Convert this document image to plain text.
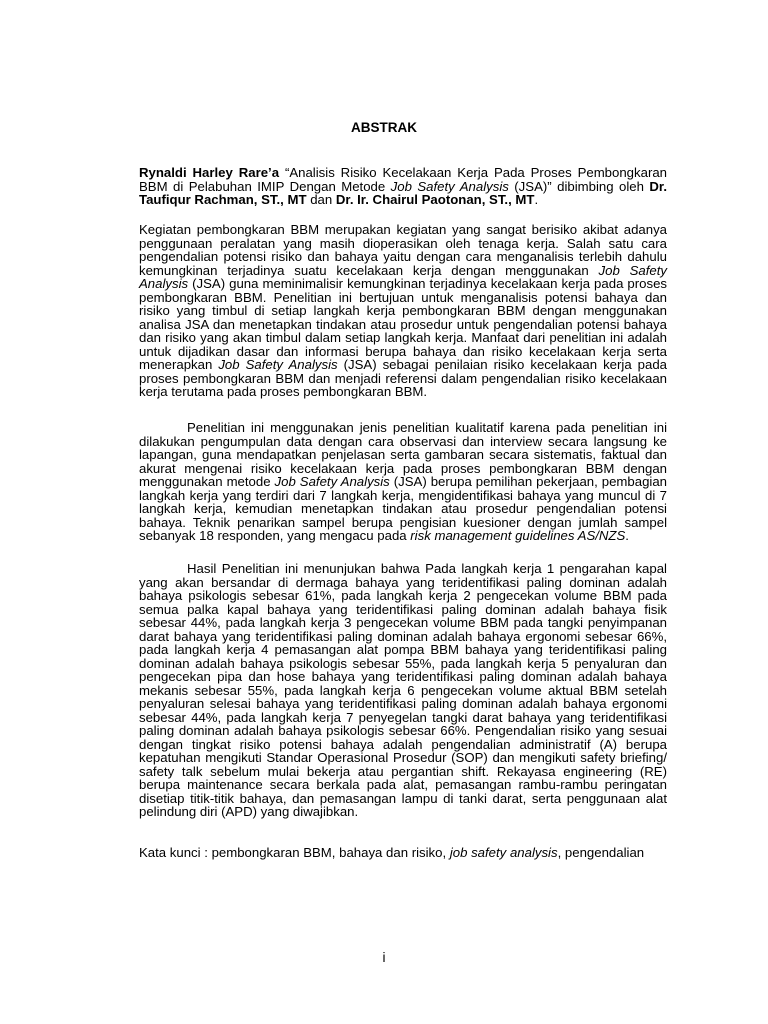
ABSTRAK

Rynaldi Harley Rare’a “Analisis Risiko Kecelakaan Kerja Pada Proses Pembongkaran BBM di Pelabuhan IMIP Dengan Metode Job Safety Analysis (JSA)” dibimbing oleh Dr. Taufiqur Rachman, ST., MT dan Dr. Ir. Chairul Paotonan, ST., MT.

Kegiatan pembongkaran BBM merupakan kegiatan yang sangat berisiko akibat adanya penggunaan peralatan yang masih dioperasikan oleh tenaga kerja. Salah satu cara pengendalian potensi risiko dan bahaya yaitu dengan cara menganalisis terlebih dahulu kemungkinan terjadinya suatu kecelakaan kerja dengan menggunakan Job Safety Analysis (JSA) guna meminimalisir kemungkinan terjadinya kecelakaan kerja pada proses pembongkaran BBM. Penelitian ini bertujuan untuk menganalisis potensi bahaya dan risiko yang timbul di setiap langkah kerja pembongkaran BBM dengan menggunakan analisa JSA dan menetapkan tindakan atau prosedur untuk pengendalian potensi bahaya dan risiko yang akan timbul dalam setiap langkah kerja. Manfaat dari penelitian ini adalah untuk dijadikan dasar dan informasi berupa bahaya dan risiko kecelakaan kerja serta menerapkan Job Safety Analysis (JSA) sebagai penilaian risiko kecelakaan kerja pada proses pembongkaran BBM dan menjadi referensi dalam pengendalian risiko kecelakaan kerja terutama pada proses pembongkaran BBM.

Penelitian ini menggunakan jenis penelitian kualitatif karena pada penelitian ini dilakukan pengumpulan data dengan cara observasi dan interview secara langsung ke lapangan, guna mendapatkan penjelasan serta gambaran secara sistematis, faktual dan akurat mengenai risiko kecelakaan kerja pada proses pembongkaran BBM dengan menggunakan metode Job Safety Analysis (JSA) berupa pemilihan pekerjaan, pembagian langkah kerja yang terdiri dari 7 langkah kerja, mengidentifikasi bahaya yang muncul di 7 langkah kerja, kemudian menetapkan tindakan atau prosedur pengendalian potensi bahaya. Teknik penarikan sampel berupa pengisian kuesioner dengan jumlah sampel sebanyak 18 responden, yang mengacu pada risk management guidelines AS/NZS.

Hasil Penelitian ini menunjukan bahwa Pada langkah kerja 1 pengarahan kapal yang akan bersandar di dermaga bahaya yang teridentifikasi paling dominan adalah bahaya psikologis sebesar 61%, pada langkah kerja 2 pengecekan volume BBM pada semua palka kapal bahaya yang teridentifikasi paling dominan adalah bahaya fisik sebesar 44%, pada langkah kerja 3 pengecekan volume BBM pada tangki penyimpanan darat bahaya yang teridentifikasi paling dominan adalah bahaya ergonomi sebesar 66%, pada langkah kerja 4 pemasangan alat pompa BBM bahaya yang teridentifikasi paling dominan adalah bahaya psikologis sebesar 55%, pada langkah kerja 5 penyaluran dan pengecekan pipa dan hose bahaya yang teridentifikasi paling dominan adalah bahaya mekanis sebesar 55%, pada langkah kerja 6 pengecekan volume aktual BBM setelah penyaluran selesai bahaya yang teridentifikasi paling dominan adalah bahaya ergonomi sebesar 44%, pada langkah kerja 7 penyegelan tangki darat bahaya yang teridentifikasi paling dominan adalah bahaya psikologis sebesar 66%. Pengendalian risiko yang sesuai dengan tingkat risiko potensi bahaya adalah pengendalian administratif (A) berupa kepatuhan mengikuti Standar Operasional Prosedur (SOP) dan mengikuti safety briefing/ safety talk sebelum mulai bekerja atau pergantian shift. Rekayasa engineering (RE) berupa maintenance secara berkala pada alat, pemasangan rambu-rambu peringatan disetiap titik-titik bahaya, dan pemasangan lampu di tanki darat, serta penggunaan alat pelindung diri (APD) yang diwajibkan.

Kata kunci : pembongkaran BBM, bahaya dan risiko, job safety analysis, pengendalian

i
